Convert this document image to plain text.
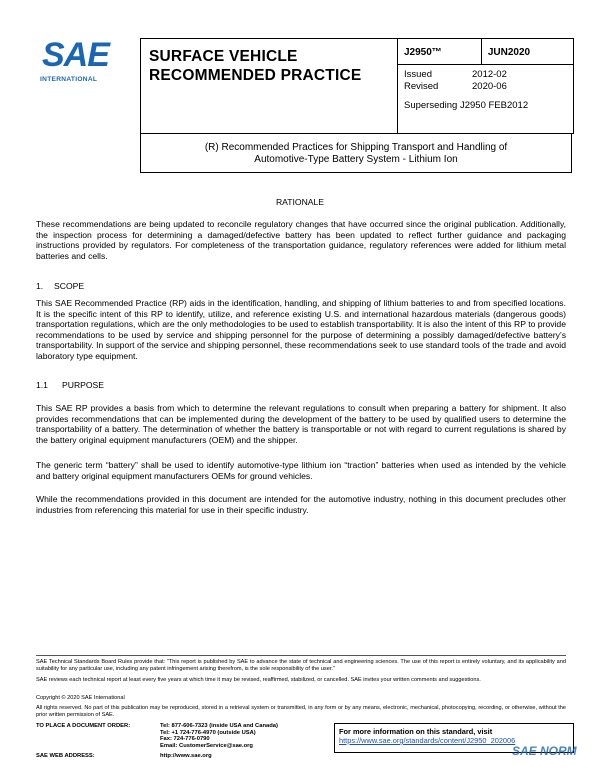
SAE
INTERNATIONAL
SURFACE VEHICLE
RECOMMENDED PRACTICE
	J2950™	JUN2020

Issued	2012-02
Revised	2020-06
Superseding J2950 FEB2012
(R) Recommended Practices for Shipping Transport and Handling of
Automotive-Type Battery System - Lithium Ion
RATIONALE
These recommendations are being updated to reconcile regulatory changes that have occurred since the original publication. Additionally, the inspection process for determining a damaged/defective battery has been updated to reflect further guidance and packaging instructions provided by regulators. For completeness of the transportation guidance, regulatory references were added for lithium metal batteries and cells.
1. SCOPE
This SAE Recommended Practice (RP) aids in the identification, handling, and shipping of lithium batteries to and from specified locations. It is the specific intent of this RP to identify, utilize, and reference existing U.S. and international hazardous materials (dangerous goods) transportation regulations, which are the only methodologies to be used to establish transportability. It is also the intent of this RP to provide recommendations to be used by service and shipping personnel for the purpose of determining a possibly damaged/defective battery’s transportability. In support of the service and shipping personnel, these recommendations seek to use standard tools of the trade and avoid laboratory type equipment.
1.1 PURPOSE
This SAE RP provides a basis from which to determine the relevant regulations to consult when preparing a battery for shipment. It also provides recommendations that can be implemented during the development of the battery to be used by qualified users to determine the transportability of a battery. The determination of whether the battery is transportable or not with regard to current regulations is shared by the battery original equipment manufacturers (OEM) and the shipper.
The generic term “battery” shall be used to identify automotive-type lithium ion “traction” batteries when used as intended by the vehicle and battery original equipment manufacturers OEMs for ground vehicles.
While the recommendations provided in this document are intended for the automotive industry, nothing in this document precludes other industries from referencing this material for use in their specific industry.
SAE Technical Standards Board Rules provide that: “This report is published by SAE to advance the state of technical and engineering sciences. The use of this report is entirely voluntary, and its applicability and suitability for any particular use, including any patent infringement arising therefrom, is the sole responsibility of the user.”
SAE reviews each technical report at least every five years at which time it may be revised, reaffirmed, stabilized, or cancelled. SAE invites your written comments and suggestions.
Copyright © 2020 SAE International
All rights reserved. No part of this publication may be reproduced, stored in a retrieval system or transmitted, in any form or by any means, electronic, mechanical, photocopying, recording, or otherwise, without the prior written permission of SAE.
TO PLACE A DOCUMENT ORDER:	Tel: 877-606-7323 (inside USA and Canada)
Tel: +1 724-776-4970 (outside USA)
Fax: 724-776-0790
Email: CustomerService@sae.org
SAE WEB ADDRESS:	http://www.sae.org
For more information on this standard, visit
https://www.sae.org/standards/content/J2950_202006
SAE NORM
